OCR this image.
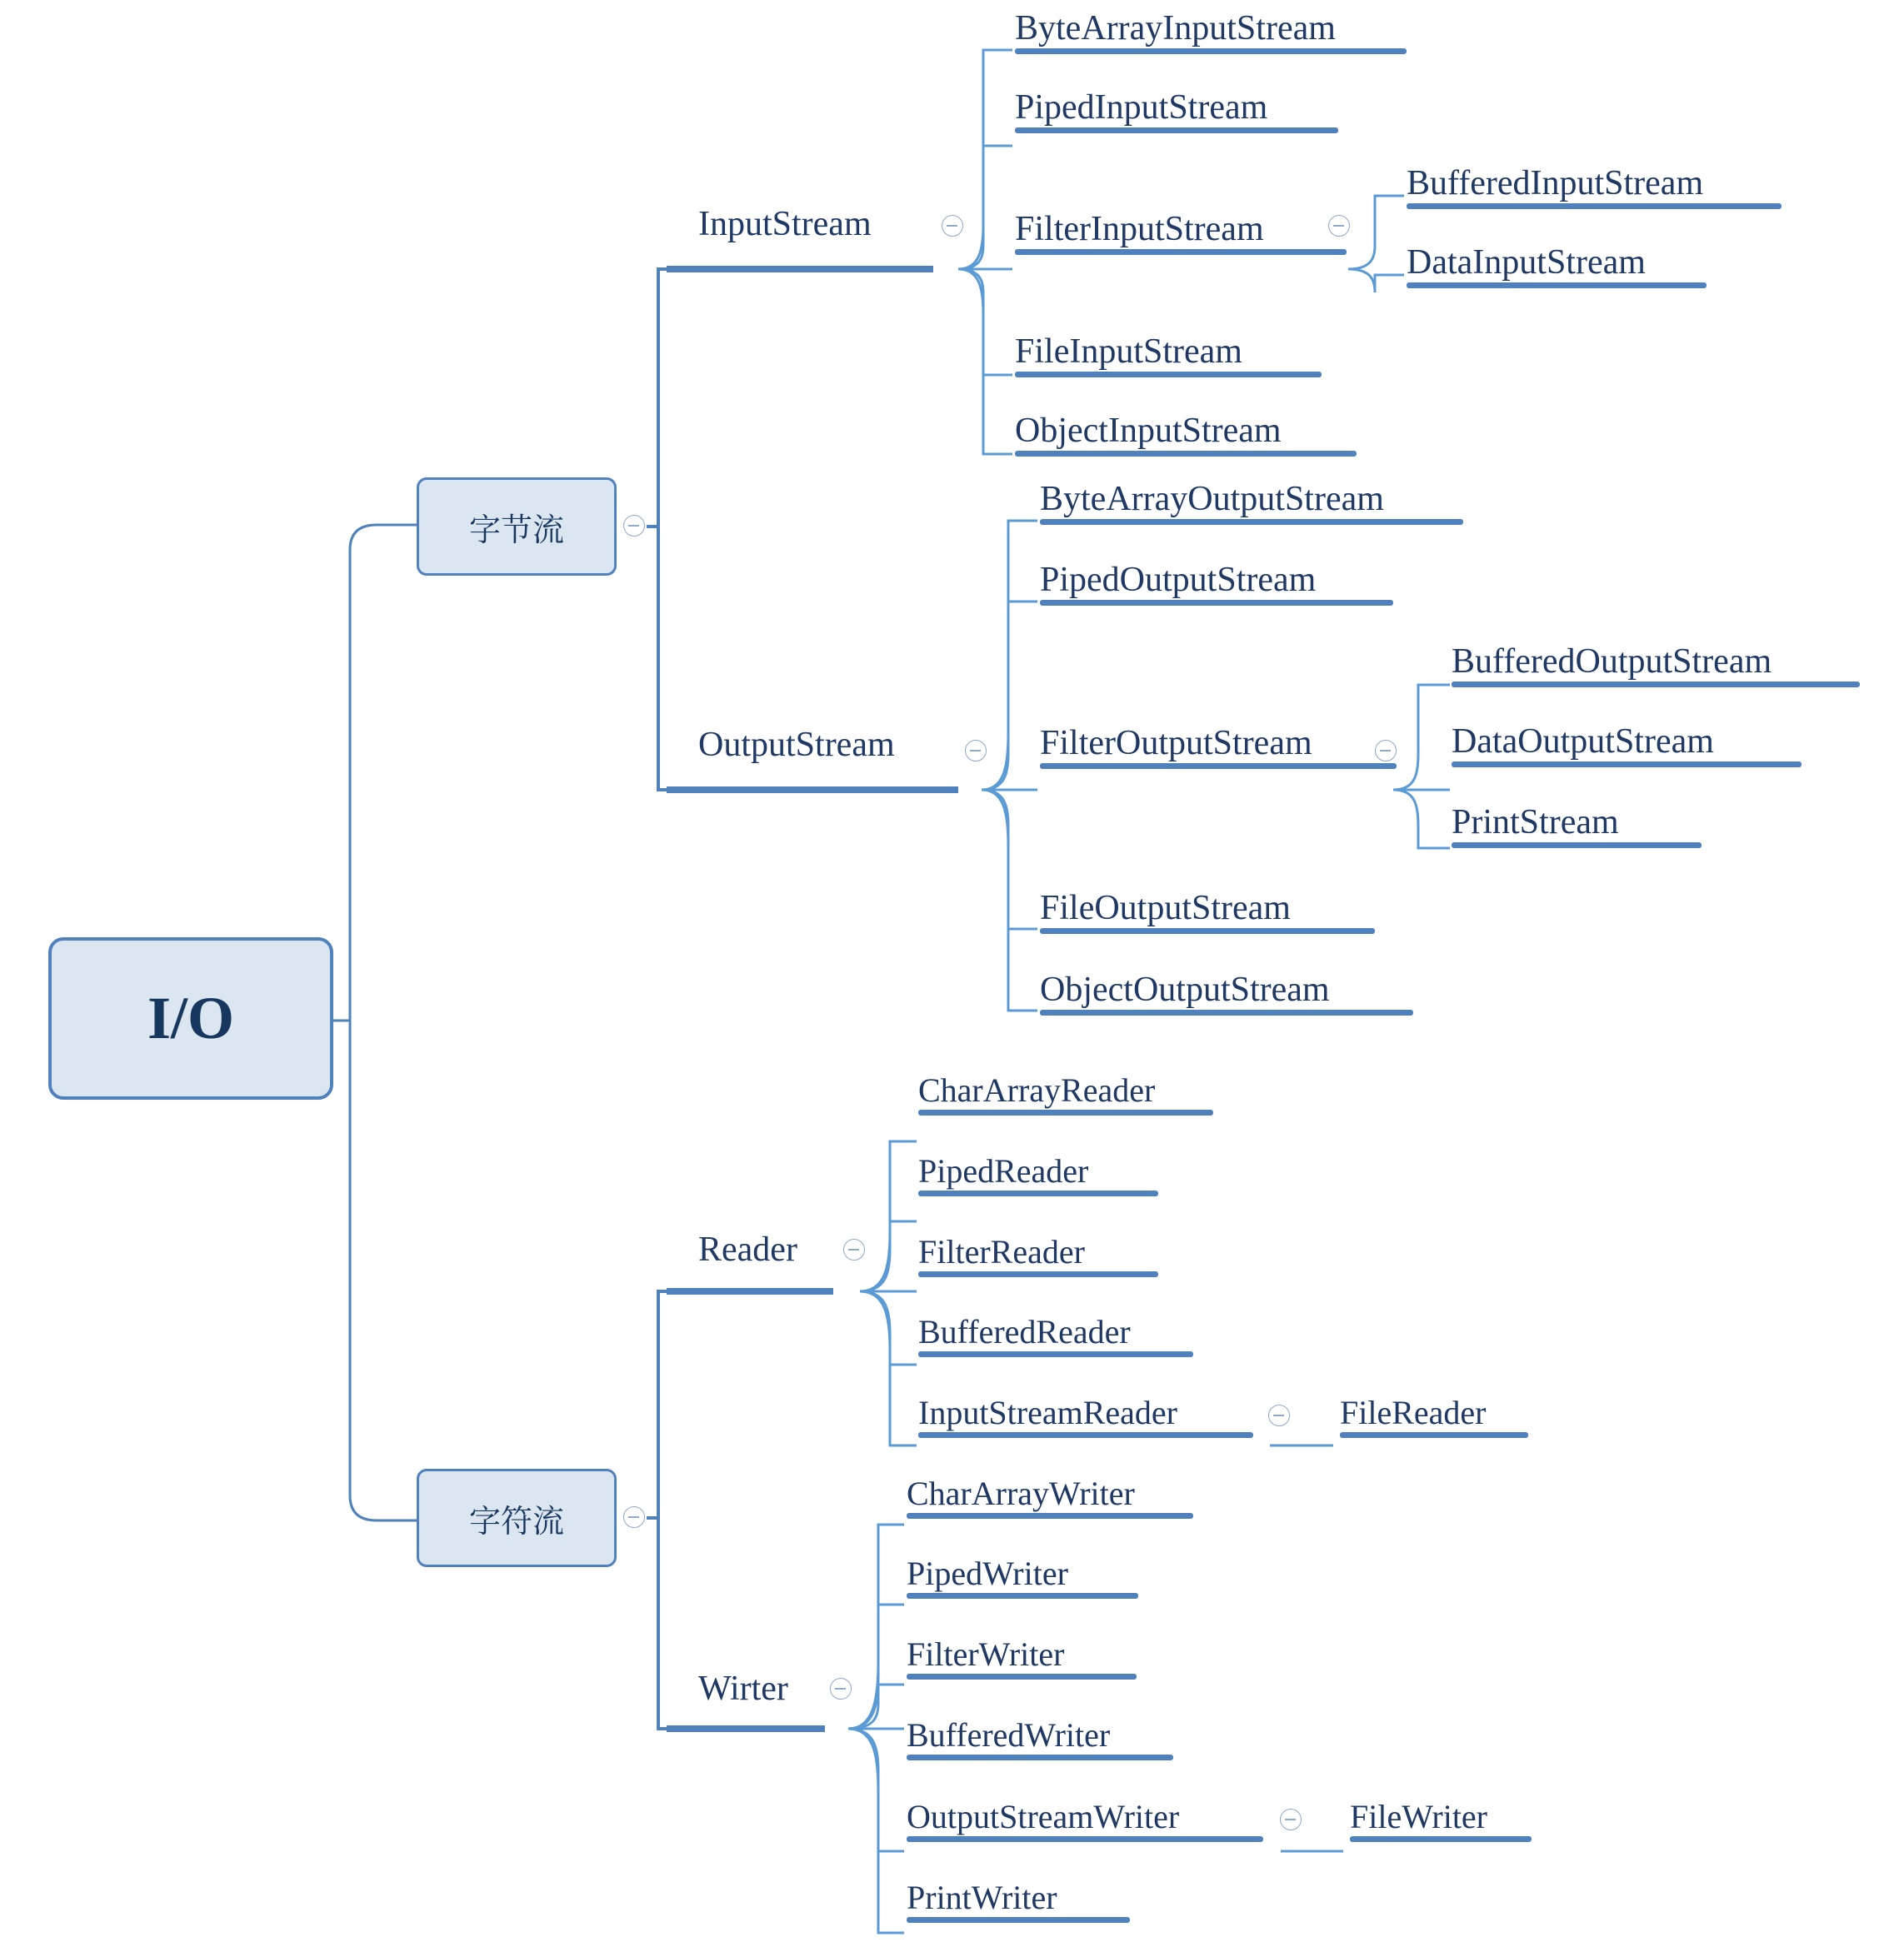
I/O
字节流
字符流
InputStream
OutputStream
ByteArrayInputStream
PipedInputStream
FilterInputStream
FileInputStream
ObjectInputStream
BufferedInputStream
DataInputStream
ByteArrayOutputStream
PipedOutputStream
FilterOutputStream
FileOutputStream
ObjectOutputStream
BufferedOutputStream
DataOutputStream
PrintStream
Reader
Wirter
CharArrayReader
PipedReader
FilterReader
BufferedReader
InputStreamReader	FileReader
CharArrayWriter
PipedWriter
FilterWriter
BufferedWriter
OutputStreamWriter	FileWriter
PrintWriter
